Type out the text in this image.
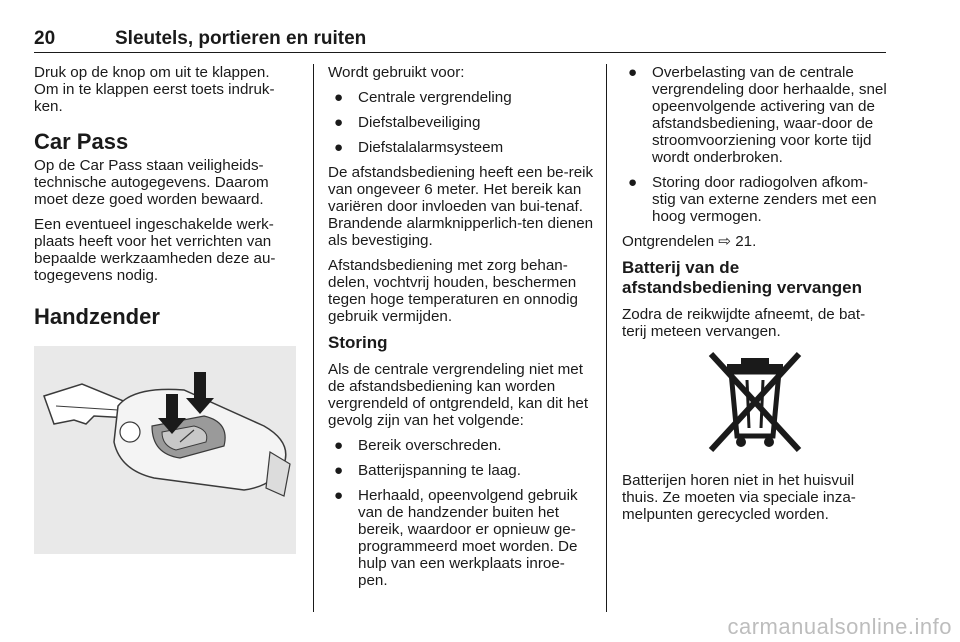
20	Sleutels, portieren en ruiten

Druk op de knop om uit te klappen. Om in te klappen eerst toets indruk-ken.

Car Pass

Op de Car Pass staan veiligheids-technische autogegevens. Daarom moet deze goed worden bewaard.

Een eventueel ingeschakelde werk-plaats heeft voor het verrichten van bepaalde werkzaamheden deze au-togegevens nodig.

Handzender

Wordt gebruikt voor:

● Centrale vergrendeling
● Diefstalbeveiliging
● Diefstalalarmsysteem

De afstandsbediening heeft een be-reik van ongeveer 6 meter. Het bereik kan variëren door invloeden van bui-tenaf. Brandende alarmknipperlich-ten dienen als bevestiging.

Afstandsbediening met zorg behan-delen, vochtvrij houden, beschermen tegen hoge temperaturen en onnodig gebruik vermijden.

Storing

Als de centrale vergrendeling niet met de afstandsbediening kan worden vergrendeld of ontgrendeld, kan dit het gevolg zijn van het volgende:

● Bereik overschreden.
● Batterijspanning te laag.
● Herhaald, opeenvolgend gebruik van de handzender buiten het bereik, waardoor er opnieuw ge-programmeerd moet worden. De hulp van een werkplaats inroe-pen.
● Overbelasting van de centrale vergrendeling door herhaalde, snel opeenvolgende activering van de afstandsbediening, waar-door de stroomvoorziening voor korte tijd wordt onderbroken.
● Storing door radiogolven afkom-stig van externe zenders met een hoog vermogen.

Ontgrendelen ⇨ 21.

Batterij van de afstandsbediening vervangen

Zodra de reikwijdte afneemt, de bat-terij meteen vervangen.

Batterijen horen niet in het huisvuil thuis. Ze moeten via speciale inza-melpunten gerecycled worden.

carmanualsonline.info
